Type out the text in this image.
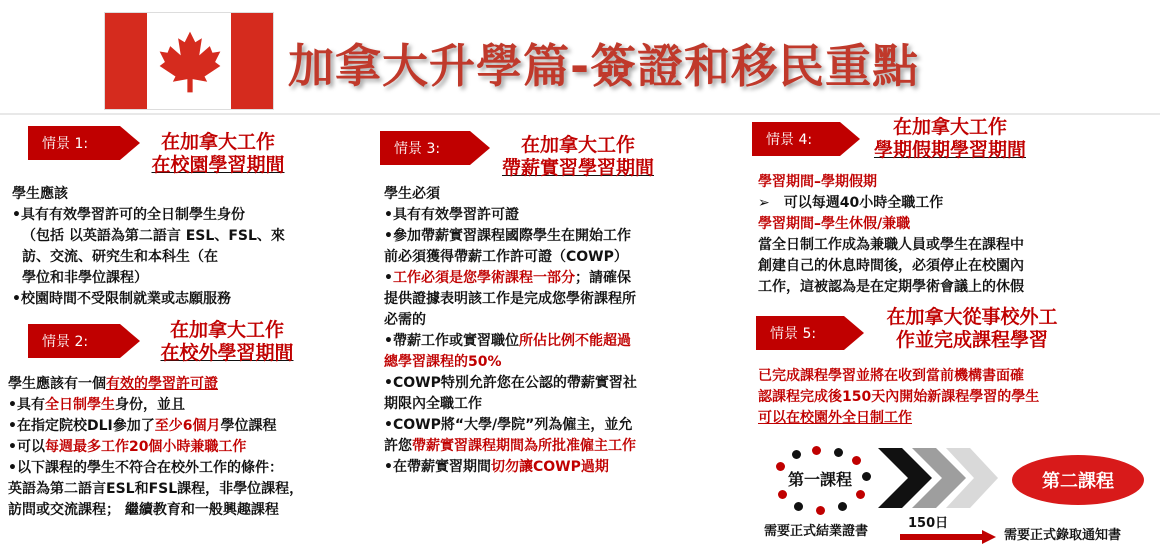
加拿大升學篇-簽證和移民重點
情景 1:	在加拿大工作
在校園學習期間
學生應該
•具有有效學習許可的全日制學生身份
（包括 以英語為第二語言 ESL、FSL、來
訪、交流、研究生和本科生（在
學位和非學位課程）
•校園時間不受限制就業或志願服務
情景 2:
在加拿大工作
在校外學習期間
學生應該有一個有效的學習許可證
•具有全日制學生身份，並且
•在指定院校DLI參加了至少6個月學位課程
•可以每週最多工作20個小時兼職工作
•以下課程的學生不符合在校外工作的條件：
英語為第二語言ESL和FSL課程，非學位課程，
訪問或交流課程； 繼續教育和一般興趣課程
情景 3:	在加拿大工作
帶薪實習學習期間
學生必須
•具有有效學習許可證
•參加帶薪實習課程國際學生在開始工作
前必須獲得帶薪工作許可證（COWP）
•工作必須是您學術課程一部分；請確保
提供證據表明該工作是完成您學術課程所
必需的
•帶薪工作或實習職位所佔比例不能超過
總學習課程的50%
•COWP特別允許您在公認的帶薪實習社
期限內全職工作
•COWP將“大學/學院”列為僱主，並允
許您帶薪實習課程期間為所批准僱主工作
•在帶薪實習期間切勿讓COWP過期
情景 4:
在加拿大工作
學期假期學習期間
學習期間–學期假期
➢　可以每週40小時全職工作
學習期間–學生休假/兼職
當全日制工作成為兼職人員或學生在課程中
創建自己的休息時間後，必須停止在校園內
工作，這被認為是在定期學術會議上的休假
情景 5:
在加拿大從事校外工
作並完成課程學習
已完成課程學習並將在收到當前機構書面確
認課程完成後150天內開始新課程學習的學生
可以在校園外全日制工作
第一課程	第二課程
需要正式結業證書
150日
需要正式錄取通知書
